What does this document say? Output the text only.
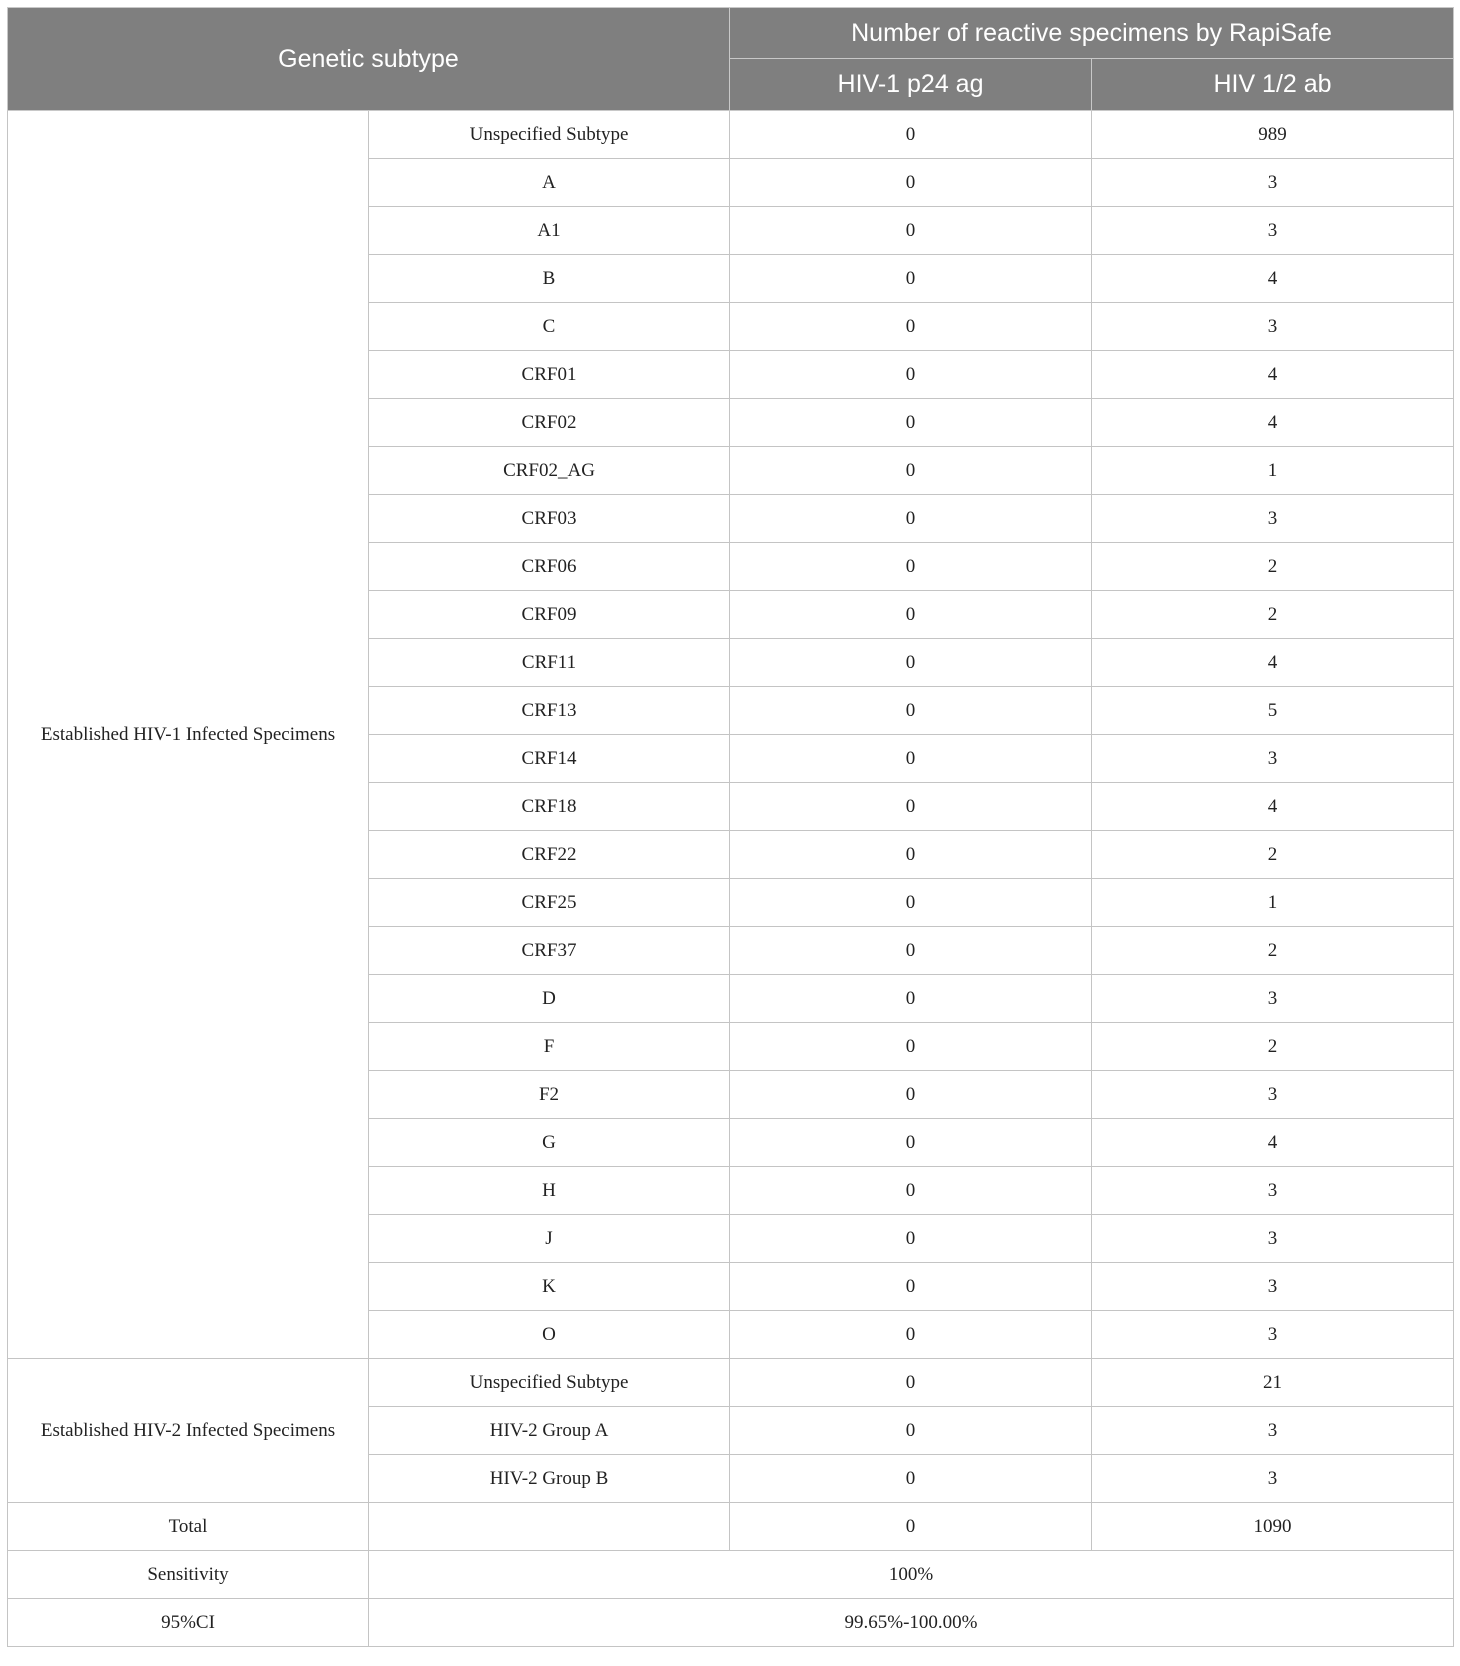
Genetic subtype		Number of reactive specimens by RapiSafe	
		HIV-1 p24 ag	HIV 1/2 ab
Established HIV-1 Infected Specimens	Unspecified Subtype	0	989
	A	0	3
	A1	0	3
	B	0	4
	C	0	3
	CRF01	0	4
	CRF02	0	4
	CRF02_AG	0	1
	CRF03	0	3
	CRF06	0	2
	CRF09	0	2
	CRF11	0	4
	CRF13	0	5
	CRF14	0	3
	CRF18	0	4
	CRF22	0	2
	CRF25	0	1
	CRF37	0	2
	D	0	3
	F	0	2
	F2	0	3
	G	0	4
	H	0	3
	J	0	3
	K	0	3
	O	0	3
Established HIV-2 Infected Specimens	Unspecified Subtype	0	21
	HIV-2 Group A	0	3
	HIV-2 Group B	0	3
Total		0	1090
Sensitivity	100%		
95%CI	99.65%-100.00%		
